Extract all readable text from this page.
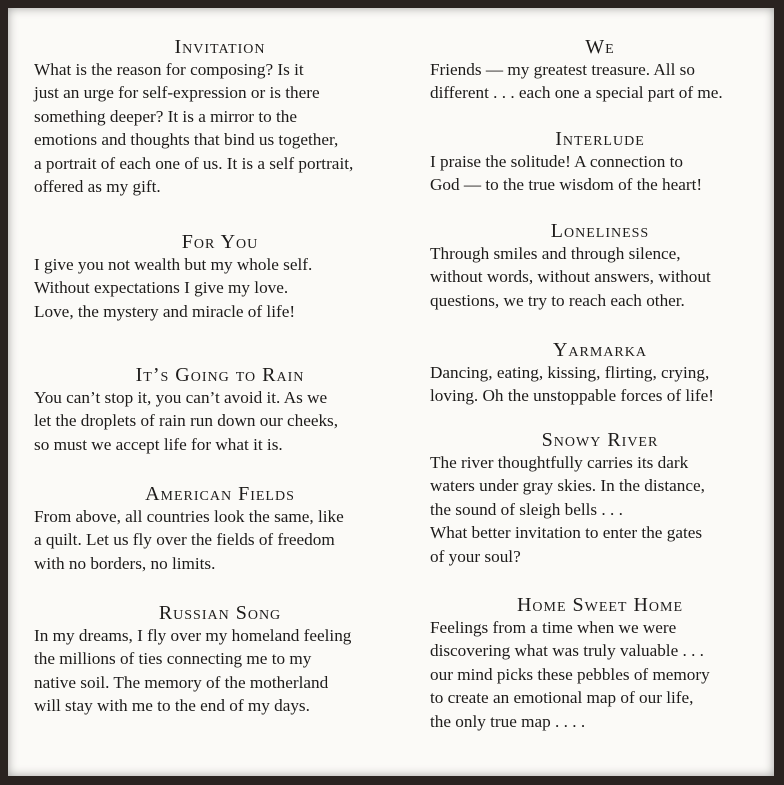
Invitation

What is the reason for composing? Is it
just an urge for self-expression or is there
something deeper? It is a mirror to the
emotions and thoughts that bind us together,
a portrait of each one of us. It is a self portrait,
offered as my gift.

For You

I give you not wealth but my whole self.
Without expectations I give my love.
Love, the mystery and miracle of life!

It’s Going to Rain

You can’t stop it, you can’t avoid it. As we
let the droplets of rain run down our cheeks,
so must we accept life for what it is.

American Fields

From above, all countries look the same, like
a quilt. Let us fly over the fields of freedom
with no borders, no limits.

Russian Song

In my dreams, I fly over my homeland feeling
the millions of ties connecting me to my
native soil. The memory of the motherland
will stay with me to the end of my days.

We

Friends — my greatest treasure. All so
different . . . each one a special part of me.

Interlude

I praise the solitude! A connection to
God — to the true wisdom of the heart!

Loneliness

Through smiles and through silence,
without words, without answers, without
questions, we try to reach each other.

Yarmarka

Dancing, eating, kissing, flirting, crying,
loving. Oh the unstoppable forces of life!

Snowy River

The river thoughtfully carries its dark
waters under gray skies. In the distance,
the sound of sleigh bells . . .
What better invitation to enter the gates
of your soul?

Home Sweet Home

Feelings from a time when we were
discovering what was truly valuable . . .
our mind picks these pebbles of memory
to create an emotional map of our life,
the only true map . . . .
